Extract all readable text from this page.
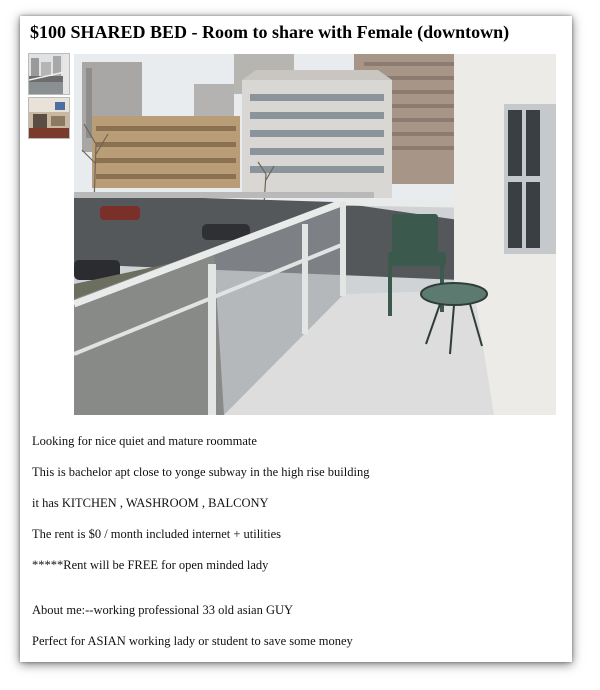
$100 SHARED BED - Room to share with Female (downtown)

Looking for nice quiet and mature roommate

This is bachelor apt close to yonge subway in the high rise building

it has KITCHEN , WASHROOM , BALCONY

The rent is $0 / month included internet + utilities

*****Rent will be FREE for open minded lady

About me:--working professional 33 old asian GUY

Perfect for ASIAN working lady or student to save some money
